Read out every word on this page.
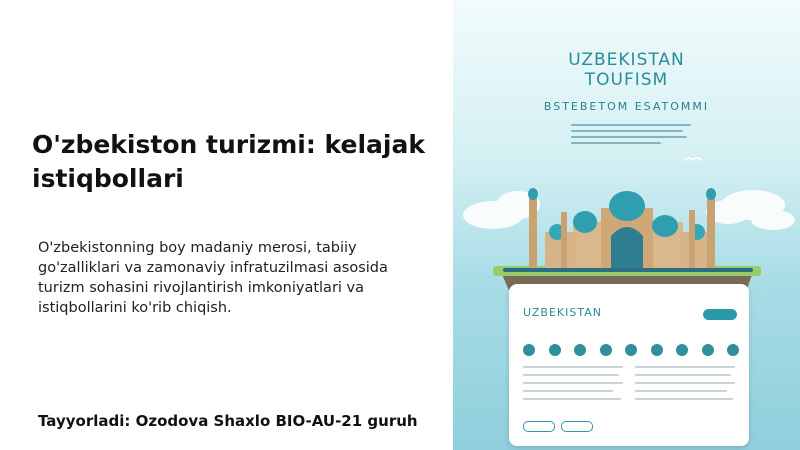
O'zbekiston turizmi: kelajak istiqbollari

O'zbekistonning boy madaniy merosi, tabiiy go'zalliklari va zamonaviy infratuzilmasi asosida turizm sohasini rivojlantirish imkoniyatlari va istiqbollarini ko'rib chiqish.

Tayyorladi: Ozodova Shaxlo BIO-AU-21 guruh

UZBEKISTAN
TOUFISM
BSTEBETOM ESATOMMI
UZBEKISTAN
